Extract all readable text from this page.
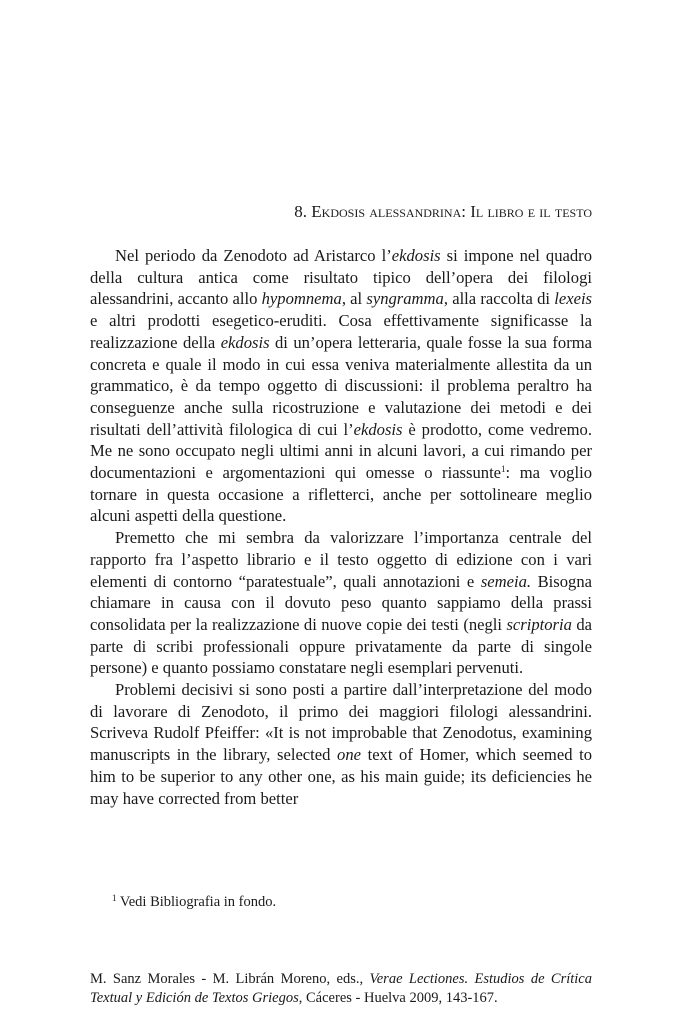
8. Ekdosis alessandrina: Il libro e il testo

Nel periodo da Zenodoto ad Aristarco l’ekdosis si impone nel quadro della cultura antica come risultato tipico dell’opera dei filologi alessandrini, accanto allo hypomnema, al syngramma, alla raccolta di lexeis e altri prodotti esegetico-eruditi. Cosa effettivamente significasse la realizzazione della ekdosis di un’opera letteraria, quale fosse la sua forma concreta e quale il modo in cui essa veniva materialmente allestita da un grammatico, è da tempo oggetto di discussioni: il problema peraltro ha conseguenze anche sulla ricostruzione e valutazione dei metodi e dei risultati dell’attività filologica di cui l’ekdosis è prodotto, come vedremo. Me ne sono occupato negli ultimi anni in alcuni lavori, a cui rimando per documentazioni e argomentazioni qui omesse o riassunte$^1$: ma voglio tornare in questa occasione a rifletterci, anche per sottolineare meglio alcuni aspetti della questione.

Premetto che mi sembra da valorizzare l’importanza centrale del rapporto fra l’aspetto librario e il testo oggetto di edizione con i vari elementi di contorno “paratestuale”, quali annotazioni e semeia. Bisogna chiamare in causa con il dovuto peso quanto sappiamo della prassi consolidata per la realizzazione di nuove copie dei testi (negli scriptoria da parte di scribi professionali oppure privatamente da parte di singole persone) e quanto possiamo constatare negli esemplari pervenuti.

Problemi decisivi si sono posti a partire dall’interpretazione del modo di lavorare di Zenodoto, il primo dei maggiori filologi alessandrini. Scriveva Rudolf Pfeiffer: «It is not improbable that Zenodotus, examining manuscripts in the library, selected one text of Homer, which seemed to him to be superior to any other one, as his main guide; its deficiencies he may have corrected from better

$^1$ Vedi Bibliografia in fondo.
M. Sanz Morales - M. Librán Moreno, eds., Verae Lectiones. Estudios de Crítica Textual y Edición de Textos Griegos, Cáceres - Huelva 2009, 143-167.
